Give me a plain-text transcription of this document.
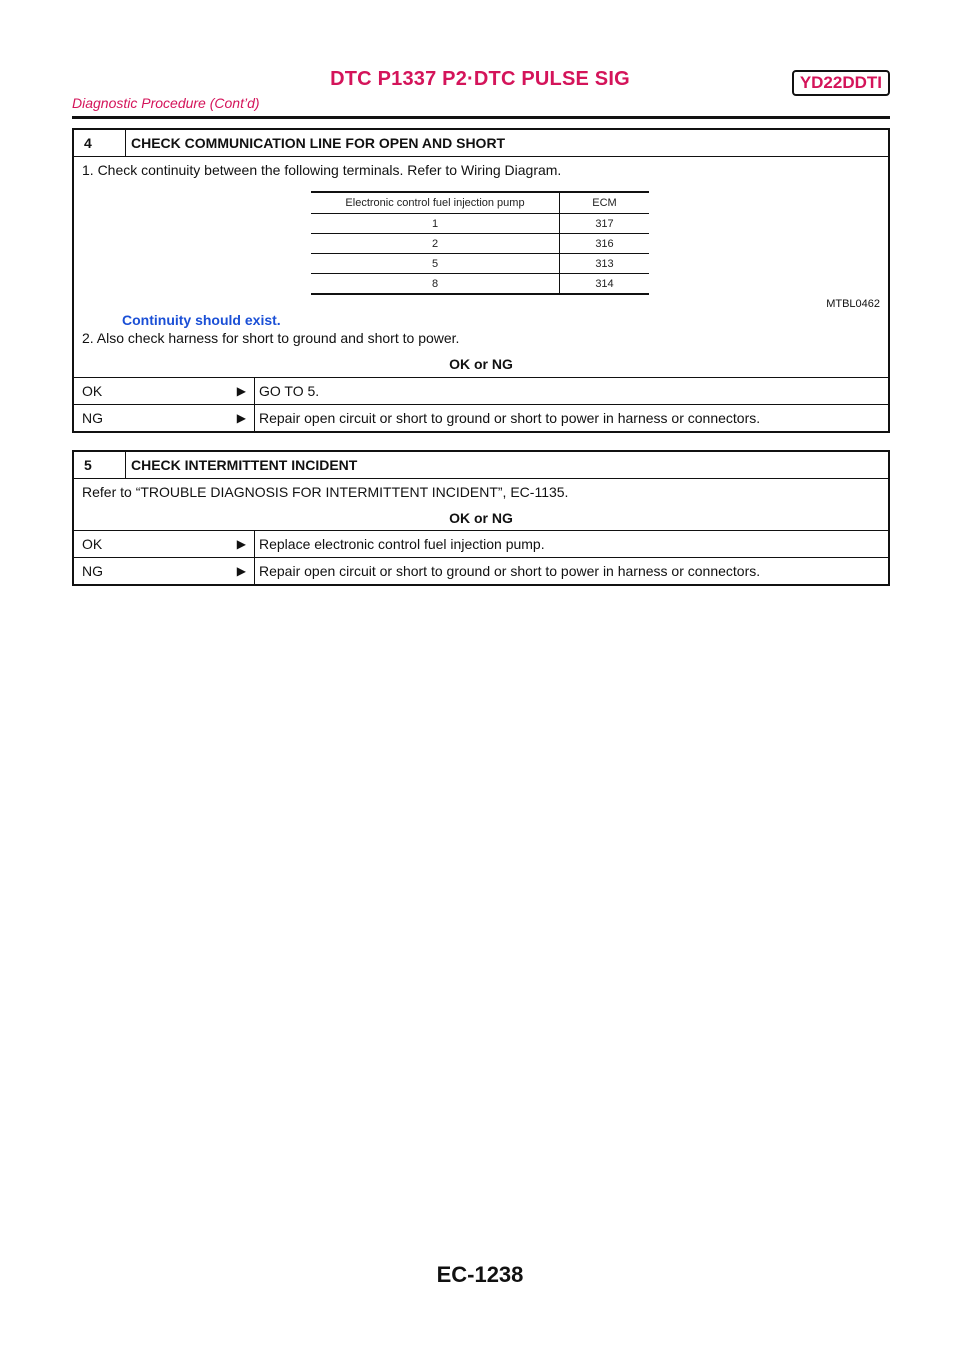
DTC P1337 P2·DTC PULSE SIG	YD22DDTI
Diagnostic Procedure (Cont’d)
4	CHECK COMMUNICATION LINE FOR OPEN AND SHORT
1. Check continuity between the following terminals. Refer to Wiring Diagram.
Electronic control fuel injection pump	ECM
1	317
2	316
5	313
8	314
MTBL0462
Continuity should exist.
2. Also check harness for short to ground and short to power.
OK or NG
OK	▶ GO TO 5.
NG	▶ Repair open circuit or short to ground or short to power in harness or connectors.
5	CHECK INTERMITTENT INCIDENT
Refer to “TROUBLE DIAGNOSIS FOR INTERMITTENT INCIDENT”, EC-1135.
OK or NG
OK	▶ Replace electronic control fuel injection pump.
NG	▶ Repair open circuit or short to ground or short to power in harness or connectors.
EC-1238
